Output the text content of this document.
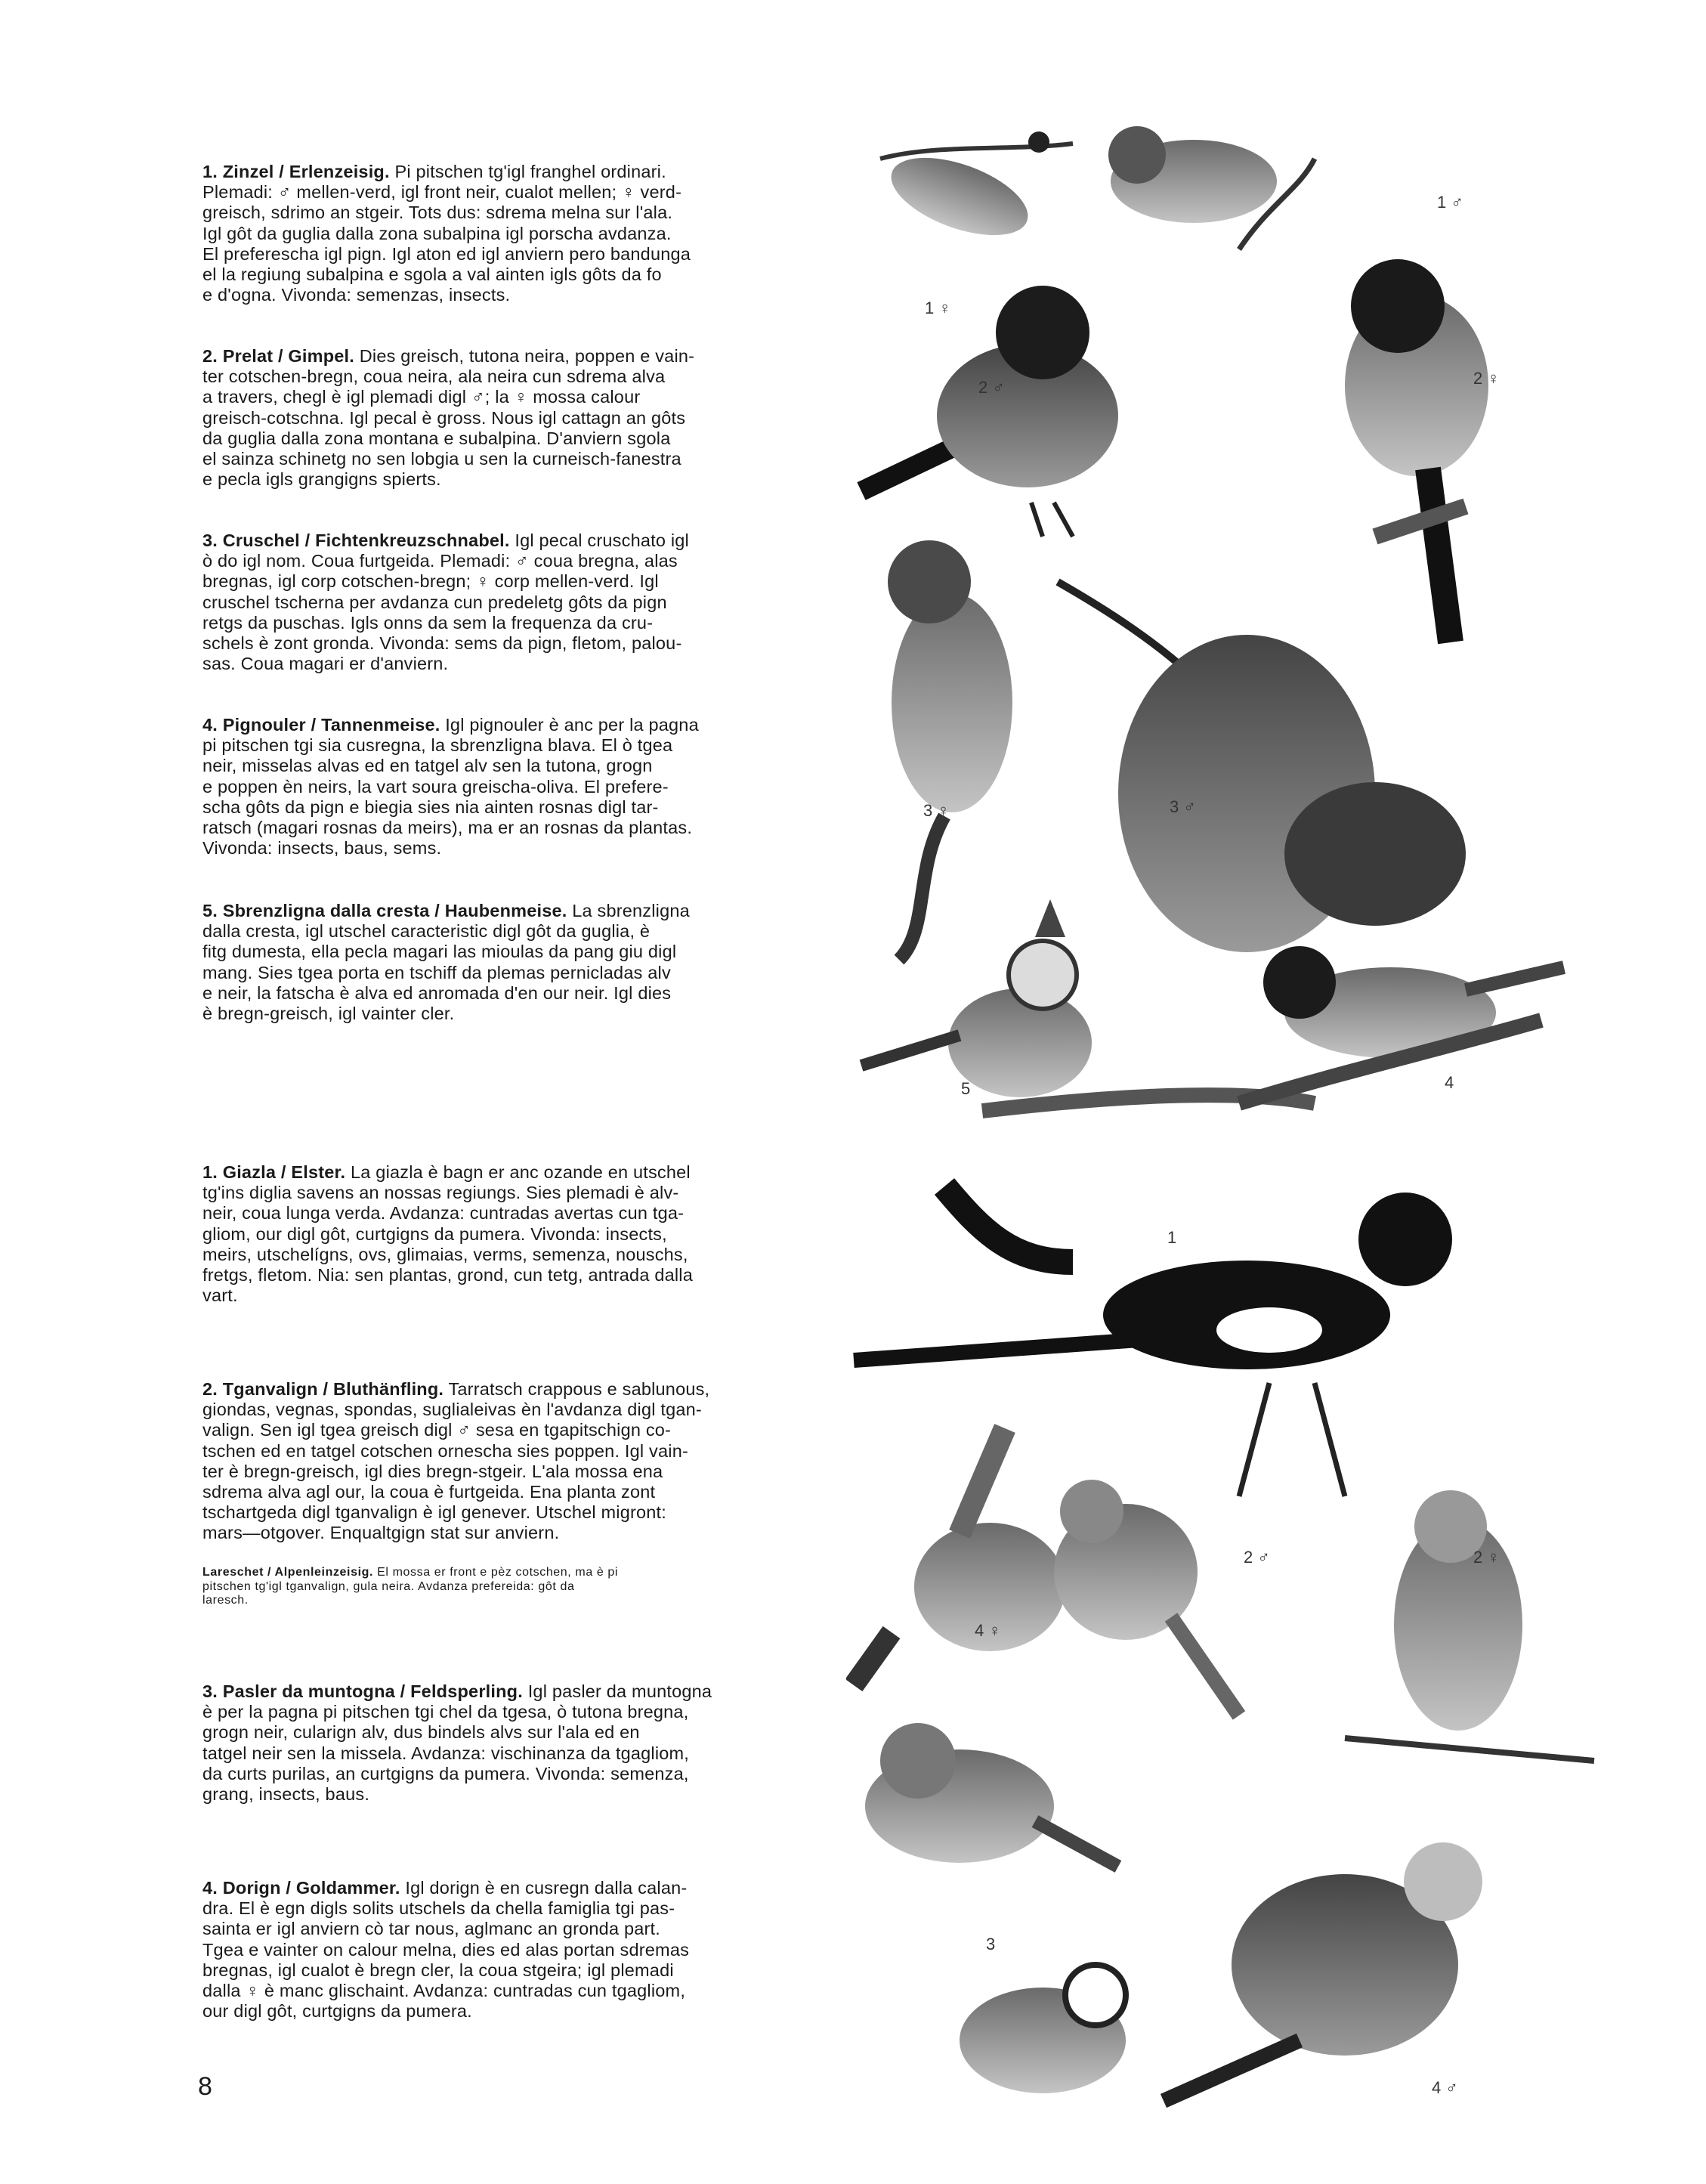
1. Zinzel / Erlenzeisig. Pi pitschen tg'igl franghel ordinari.
Plemadi: ♂ mellen-verd, igl front neir, cualot mellen; ♀ verd-
greisch, sdrimo an stgeir. Tots dus: sdrema melna sur l'ala.
Igl gôt da guglia dalla zona subalpina igl porscha avdanza.
El preferescha igl pign. Igl aton ed igl anviern pero bandunga
el la regiung subalpina e sgola a val ainten igls gôts da fo
e d'ogna. Vivonda: semenzas, insects.
2. Prelat / Gimpel. Dies greisch, tutona neira, poppen e vain-
ter cotschen-bregn, coua neira, ala neira cun sdrema alva
a travers, chegl è igl plemadi digl ♂; la ♀ mossa calour
greisch-cotschna. Igl pecal è gross. Nous igl cattagn an gôts
da guglia dalla zona montana e subalpina. D'anviern sgola
el sainza schinetg no sen lobgia u sen la curneisch-fanestra
e pecla igls grangigns spierts.
3. Cruschel / Fichtenkreuzschnabel. Igl pecal cruschato igl
ò do igl nom. Coua furtgeida. Plemadi: ♂ coua bregna, alas
bregnas, igl corp cotschen-bregn; ♀ corp mellen-verd. Igl
cruschel tscherna per avdanza cun predeletg gôts da pign
retgs da puschas. Igls onns da sem la frequenza da cru-
schels è zont gronda. Vivonda: sems da pign, fletom, palou-
sas. Coua magari er d'anviern.
4. Pignouler / Tannenmeise. Igl pignouler è anc per la pagna
pi pitschen tgi sia cusregna, la sbrenzligna blava. El ò tgea
neir, misselas alvas ed en tatgel alv sen la tutona, grogn
e poppen èn neirs, la vart soura greischa-oliva. El prefere-
scha gôts da pign e biegia sies nia ainten rosnas digl tar-
ratsch (magari rosnas da meirs), ma er an rosnas da plantas.
Vivonda: insects, baus, sems.
5. Sbrenzligna dalla cresta / Haubenmeise. La sbrenzligna
dalla cresta, igl utschel caracteristic digl gôt da guglia, è
fitg dumesta, ella pecla magari las mioulas da pang giu digl
mang. Sies tgea porta en tschiff da plemas pernicladas alv
e neir, la fatscha è alva ed anromada d'en our neir. Igl dies
è bregn-greisch, igl vainter cler.
1. Giazla / Elster. La giazla è bagn er anc ozande en utschel
tg'ins diglia savens an nossas regiungs. Sies plemadi è alv-
neir, coua lunga verda. Avdanza: cuntradas avertas cun tga-
gliom, our digl gôt, curtgigns da pumera. Vivonda: insects,
meirs, utschelígns, ovs, glimaias, verms, semenza, nouschs,
fretgs, fletom. Nia: sen plantas, grond, cun tetg, antrada dalla
vart.
2. Tganvalign / Bluthänfling. Tarratsch crappous e sablunous,
giondas, vegnas, spondas, suglialeivas èn l'avdanza digl tgan-
valign. Sen igl tgea greisch digl ♂ sesa en tgapitschign co-
tschen ed en tatgel cotschen ornescha sies poppen. Igl vain-
ter è bregn-greisch, igl dies bregn-stgeir. L'ala mossa ena
sdrema alva agl our, la coua è furtgeida. Ena planta zont
tschartgeda digl tganvalign è igl genever. Utschel migront:
mars—otgover. Enqualtgign stat sur anviern.
Lareschet / Alpenleinzeisig. El mossa er front e pèz cotschen, ma è pi
pitschen tg'igl tganvalign, gula neira. Avdanza prefereida: gôt da
laresch.
3. Pasler da muntogna / Feldsperling. Igl pasler da muntogna
è per la pagna pi pitschen tgi chel da tgesa, ò tutona bregna,
grogn neir, cularign alv, dus bindels alvs sur l'ala ed en
tatgel neir sen la missela. Avdanza: vischinanza da tgagliom,
da curts purilas, an curtgigns da pumera. Vivonda: semenza,
grang, insects, baus.
4. Dorign / Goldammer. Igl dorign è en cusregn dalla calan-
dra. El è egn digls solits utschels da chella famiglia tgi pas-
sainta er igl anviern cò tar nous, aglmanc an gronda part.
Tgea e vainter on calour melna, dies ed alas portan sdremas
bregnas, igl cualot è bregn cler, la coua stgeira; igl plemadi
dalla ♀ è manc glischaint. Avdanza: cuntradas cun tgagliom,
our digl gôt, curtgigns da pumera.
8
1 ♂
1 ♀
2 ♂	2 ♀
3 ♀	3 ♂
5	4
1
4 ♀
2 ♂	2 ♀
3
4 ♂
